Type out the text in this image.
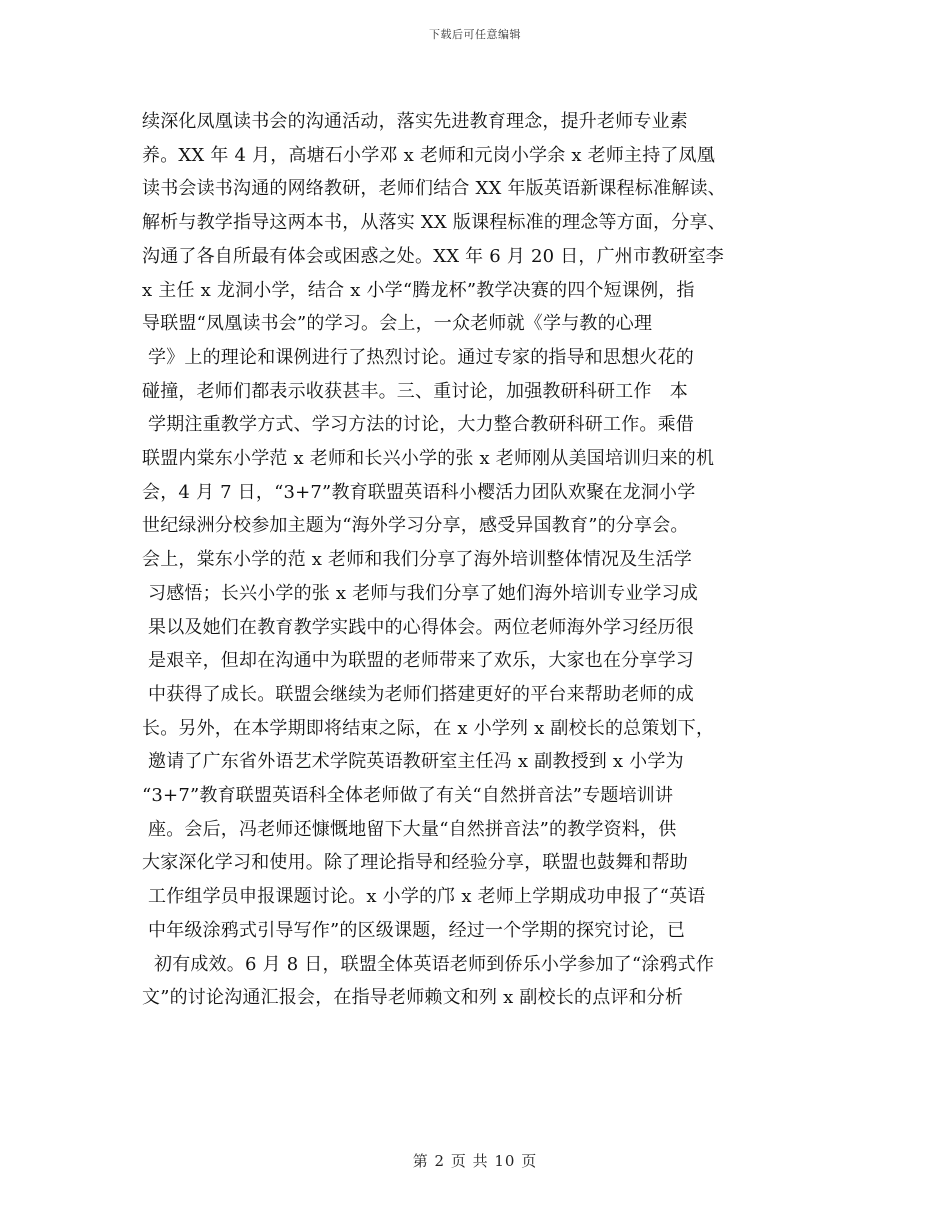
下载后可任意编辑
续深化凤凰读书会的沟通活动，落实先进教育理念，提升老师专业素
养。XX 年 4 月，高塘石小学邓 x 老师和元岗小学余 x 老师主持了凤凰
读书会读书沟通的网络教研，老师们结合 XX 年版英语新课程标准解读、
解析与教学指导这两本书，从落实 XX 版课程标准的理念等方面，分享、
沟通了各自所最有体会或困惑之处。XX 年 6 月 20 日，广州市教研室李
x 主任 x 龙洞小学，结合 x 小学“腾龙杯”教学决赛的四个短课例，指
导联盟“凤凰读书会”的学习。会上，一众老师就《学与教的心理
学》上的理论和课例进行了热烈讨论。通过专家的指导和思想火花的
碰撞，老师们都表示收获甚丰。三、重讨论，加强教研科研工作　本
学期注重教学方式、学习方法的讨论，大力整合教研科研工作。乘借
联盟内棠东小学范 x 老师和长兴小学的张 x 老师刚从美国培训归来的机
会，4 月 7 日，“3+7”教育联盟英语科小樱活力团队欢聚在龙洞小学
世纪绿洲分校参加主题为“海外学习分享，感受异国教育”的分享会。
会上，棠东小学的范 x 老师和我们分享了海外培训整体情况及生活学
习感悟；长兴小学的张 x 老师与我们分享了她们海外培训专业学习成
果以及她们在教育教学实践中的心得体会。两位老师海外学习经历很
是艰辛，但却在沟通中为联盟的老师带来了欢乐，大家也在分享学习
中获得了成长。联盟会继续为老师们搭建更好的平台来帮助老师的成
长。另外，在本学期即将结束之际，在 x 小学列 x 副校长的总策划下，
邀请了广东省外语艺术学院英语教研室主任冯 x 副教授到 x 小学为
“3+7”教育联盟英语科全体老师做了有关“自然拼音法”专题培训讲
座。会后，冯老师还慷慨地留下大量“自然拼音法”的教学资料，供
大家深化学习和使用。除了理论指导和经验分享，联盟也鼓舞和帮助
工作组学员申报课题讨论。x 小学的邝 x 老师上学期成功申报了“英语
中年级涂鸦式引导写作”的区级课题，经过一个学期的探究讨论，已
初有成效。6 月 8 日，联盟全体英语老师到侨乐小学参加了“涂鸦式作
文”的讨论沟通汇报会，在指导老师赖文和列 x 副校长的点评和分析
第 2 页 共 10 页
